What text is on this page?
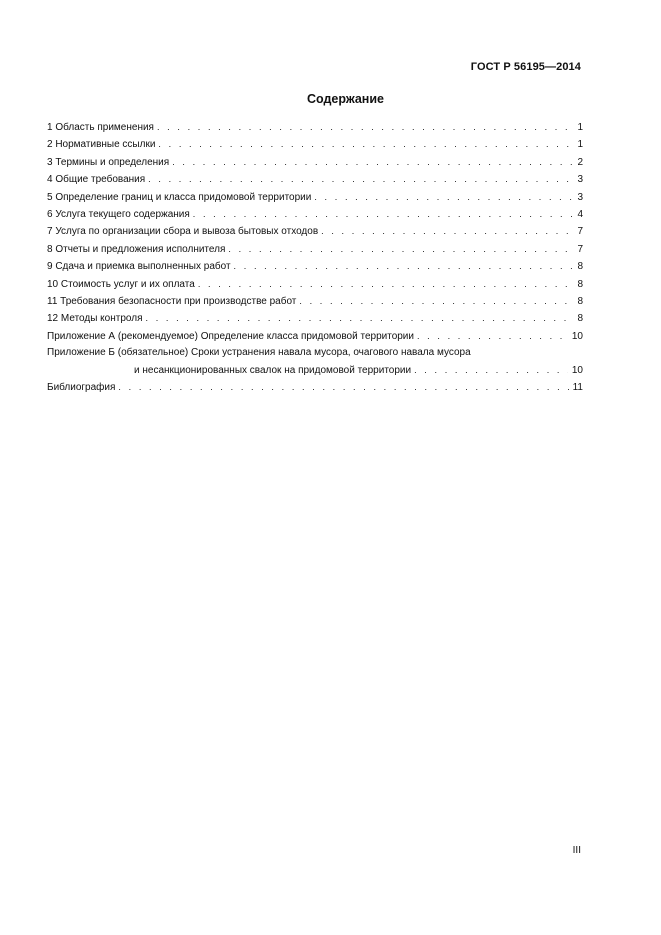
ГОСТ Р 56195—2014
Содержание
1 Область применения . . .	1
2 Нормативные ссылки . . .	1
3 Термины и определения . . .	2
4 Общие требования . . .	3
5 Определение границ и класса придомовой территории . . .	3
6 Услуга текущего содержания . . .	4
7 Услуга по организации сбора и вывоза бытовых отходов . . .	7
8 Отчеты и предложения исполнителя . . .	7
9 Сдача и приемка выполненных работ . . .	8
10 Стоимость услуг и их оплата . . .	8
11 Требования безопасности при производстве работ . . .	8
12 Методы контроля . . .	8
Приложение А (рекомендуемое) Определение класса придомовой территории . . .	10
Приложение Б (обязательное) Сроки устранения навала мусора, очагового навала мусора
и несанкционированных свалок на придомовой территории . . .	10
Библиография . . .	11
III
